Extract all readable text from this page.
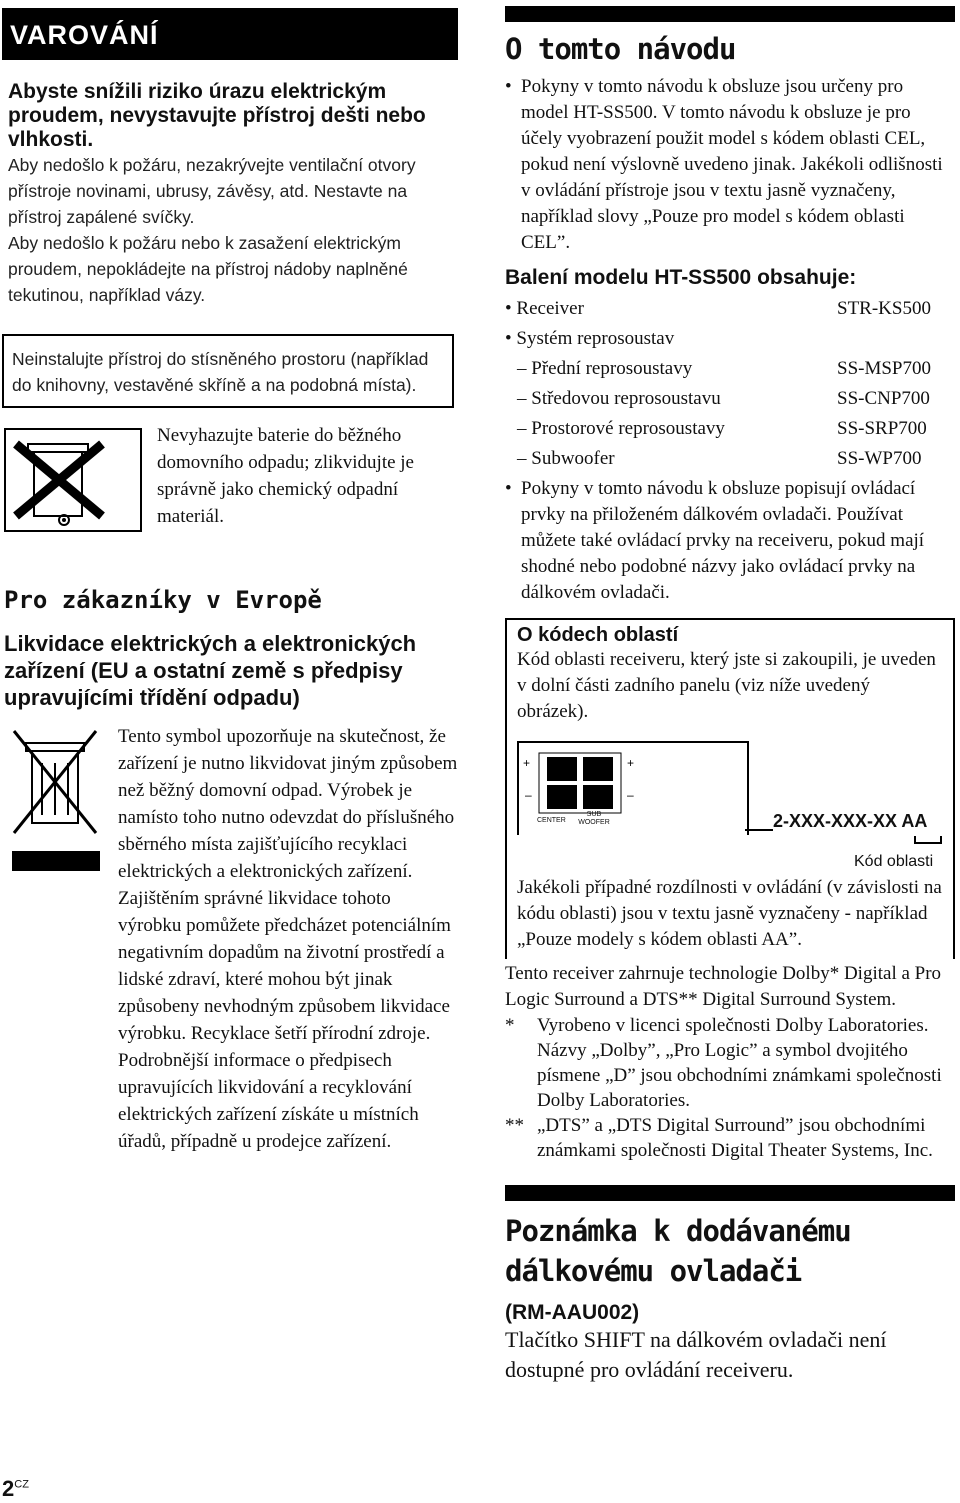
VAROVÁNÍ
Abyste snížili riziko úrazu elektrickým proudem, nevystavujte přístroj dešti nebo vlhkosti.
Aby nedošlo k požáru, nezakrývejte ventilační otvory přístroje novinami, ubrusy, závěsy, atd. Nestavte na přístroj zapálené svíčky.
Aby nedošlo k požáru nebo k zasažení elektrickým proudem, nepokládejte na přístroj nádoby naplněné tekutinou, například vázy.
Neinstalujte přístroj do stísněného prostoru (například do knihovny, vestavěné skříně a na podobná místa).
Nevyhazujte baterie do běžného domovního odpadu; zlikvidujte je správně jako chemický odpadní materiál.
Pro zákazníky v Evropě
Likvidace elektrických a elektronických zařízení (EU a ostatní země s předpisy upravujícími třídění odpadu)
Tento symbol upozorňuje na skutečnost, že zařízení je nutno likvidovat jiným způsobem než běžný domovní odpad. Výrobek je namísto toho nutno odevzdat do příslušného sběrného místa zajišťujícího recyklaci elektrických a elektronických zařízení. Zajištěním správné likvidace tohoto výrobku pomůžete předcházet potenciálním negativním dopadům na životní prostředí a lidské zdraví, které mohou být jinak způsobeny nevhodným způsobem likvidace výrobku. Recyklace šetří přírodní zdroje. Podrobnější informace o předpisech upravujících likvidování a recyklování elektrických zařízení získáte u místních úřadů, případně u prodejce zařízení.
O tomto návodu
• Pokyny v tomto návodu k obsluze jsou určeny pro model HT-SS500. V tomto návodu k obsluze je pro účely vyobrazení použit model s kódem oblasti CEL, pokud není výslovně uvedeno jinak. Jakékoli odlišnosti v ovládání přístroje jsou v textu jasně vyznačeny, například slovy „Pouze pro model s kódem oblasti CEL”.
Balení modelu HT-SS500 obsahuje:
• Receiver	STR-KS500
• Systém reprosoustav
– Přední reprosoustavy	SS-MSP700
– Středovou reprosoustavu	SS-CNP700
– Prostorové reprosoustavy	SS-SRP700
– Subwoofer	SS-WP700
• Pokyny v tomto návodu k obsluze popisují ovládací prvky na přiloženém dálkovém ovladači. Používat můžete také ovládací prvky na receiveru, pokud mají shodné nebo podobné názvy jako ovládací prvky na dálkovém ovladači.
O kódech oblastí
Kód oblasti receiveru, který jste si zakoupili, je uveden v dolní části zadního panelu (viz níže uvedený obrázek).
+	+
–	–
CENTER
SUB WOOFER	2-XXX-XXX-XX AA
Kód oblasti
Jakékoli případné rozdílnosti v ovládání (v závislosti na kódu oblasti) jsou v textu jasně vyznačeny - například „Pouze modely s kódem oblasti AA”.
Tento receiver zahrnuje technologie Dolby* Digital a Pro Logic Surround a DTS** Digital Surround System.
* Vyrobeno v licenci společnosti Dolby Laboratories. Názvy „Dolby”, „Pro Logic” a symbol dvojitého písmene „D” jsou obchodními známkami společnosti Dolby Laboratories.
** „DTS” a „DTS Digital Surround” jsou obchodními známkami společnosti Digital Theater Systems, Inc.
Poznámka k dodávanému dálkovému ovladači
(RM-AAU002)
Tlačítko SHIFT na dálkovém ovladači není dostupné pro ovládání receiveru.
$2^{CZ}$
